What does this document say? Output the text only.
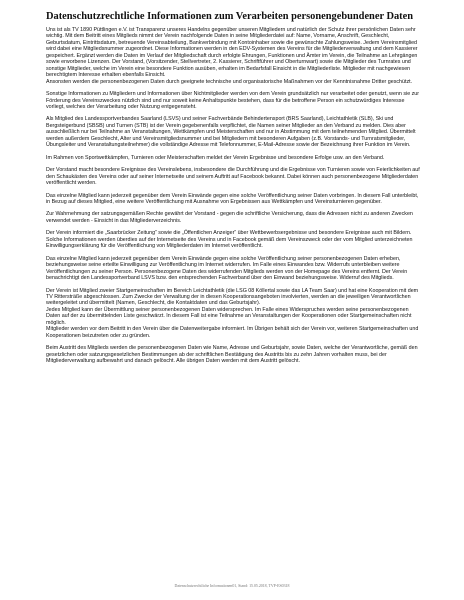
Datenschutzrechtliche Informationen zum Verarbeiten personengebundener Daten

Uns ist als TV 1890 Püttlingen e.V. ist Transparenz unseres Handelns gegenüber unseren Mitgliedern und natürlich der Schutz ihrer persönlichen Daten sehr wichtig. Mit dem Beitritt eines Mitglieds nimmt der Verein nachfolgende Daten in seine Mitgliederdatei auf: Name, Vorname, Anschrift, Geschlecht, Geburtsdatum, Eintrittsdatum, betreuende Vereinsabteilung, Bankverbindung mit Kontoinhaber sowie die gewünschte Zahlungsweise. Jedem Vereinsmitglied wird dabei eine Mitgliedsnummer zugeordnet. Diese Informationen werden in den EDV-Systemen des Vereins für die Mitgliederverwaltung und dem Kassierer gespeichert. Ergänzt werden die Daten im Verlauf der Mitgliedschaft durch erfolgte Ehrungen, Funktionen und Ämter im Verein, die Teilnahme an Lehrgängen sowie erworbene Lizenzen. Der Vorstand, (Vorsitzender, Stellvertreter, 2. Kassierer, Schriftführer und Oberturnwart) sowie die Mitglieder des Turnrates und sonstige Mitglieder, welche im Verein eine besondere Funktion ausüben, erhalten im Bedarfsfall Einsicht in die Mitgliederliste. Mitglieder mit nachgewiesen berechtigtem Interesse erhalten ebenfalls Einsicht.

Ansonsten werden die personenbezogenen Daten durch geeignete technische und organisatorische Maßnahmen vor der Kenntnisnahme Dritter geschützt.

Sonstige Informationen zu Mitgliedern und Informationen über Nichtmitglieder werden von dem Verein grundsätzlich nur verarbeitet oder genutzt, wenn sie zur Förderung des Vereinszweckes nützlich sind und nur soweit keine Anhaltspunkte bestehen, dass für die betroffene Person ein schutzwürdiges Interesse vorliegt, welches der Verarbeitung oder Nutzung entgegensteht.

Als Mitglied des Landessportverbandes Saarland (LSVS) und seiner Fachverbände Behindertensport (BRS Saarland), Leichtathletik (SLB), Ski und Bergsteigerbund (SBSB) und Turnen (STB) ist der Verein gegebenenfalls verpflichtet, die Namen seiner Mitglieder an den Verband zu melden. Dies aber ausschließlich nur bei Teilnahme an Veranstaltungen, Wettkämpfen und Meisterschaften und nur in Abstimmung mit dem teilnehmenden Mitglied. Übermittelt werden außerdem Geschlecht, Alter und Vereinsmitgliedsnummer und bei Mitgliedern mit besonderen Aufgaben (z.B. Vorstands- und Turnratsmitglieder, Übungsleiter und Veranstaltungsteilnehmer) die vollständige Adresse mit Telefonnummer, E-Mail-Adresse sowie der Bezeichnung ihrer Funktion im Verein.

Im Rahmen von Sportwettkämpfen, Turnieren oder Meisterschaften meldet der Verein Ergebnisse und besondere Erfolge usw. an den Verband.

Der Vorstand macht besondere Ereignisse des Vereinslebens, insbesondere die Durchführung und die Ergebnisse von Turnieren sowie von Feierlichkeiten auf den Schaukästen des Vereins oder auf seiner Internetseite und seinem Auftritt auf Facebook bekannt. Dabei können auch personenbezogene Mitgliederdaten veröffentlicht werden.

Das einzelne Mitglied kann jederzeit gegenüber dem Verein Einwände gegen eine solche Veröffentlichung seiner Daten vorbringen. In diesem Fall unterbleibt, in Bezug auf dieses Mitglied, eine weitere Veröffentlichung mit Ausnahme von Ergebnissen aus Wettkämpfen und Vereinsturnieren gegenüber.

Zur Wahrnehmung der satzungsgemäßen Rechte gewährt der Vorstand - gegen die schriftliche Versicherung, dass die Adressen nicht zu anderen Zwecken verwendet werden - Einsicht in das Mitgliederverzeichnis.

Der Verein informiert die „Saarbrücker Zeitung“ sowie die „Öffentlichen Anzeiger“ über Wettbewerbsergebnisse und besondere Ereignisse auch mit Bildern. Solche Informationen werden überdies auf der Internetseite des Vereins und in Facebook gemäß dem Vereinszweck oder der vom Mitglied unterzeichneten Einwilligungserklärung für die Veröffentlichung von Mitgliederdaten im Internet veröffentlicht.

Das einzelne Mitglied kann jederzeit gegenüber dem Verein Einwände gegen eine solche Veröffentlichung seiner personenbezogenen Daten erheben, beziehungsweise seine erteilte Einwilligung zur Veröffentlichung im Internet widerrufen. Im Falle eines Einwandes bzw. Widerrufs unterbleiben weitere Veröffentlichungen zu seiner Person. Personenbezogene Daten des widerrufenden Mitglieds werden von der Homepage des Vereins entfernt. Der Verein benachrichtigt den Landessportverband LSVS bzw. den entsprechenden Fachverband über den Einwand beziehungsweise. Widerruf des Mitglieds.

Der Verein ist Mitglied zweier Startgemeinschaften im Bereich Leichtathletik (die LSG 08 Köllertal sowie das LA Team Saar) und hat eine Kooperation mit dem TV Rittersträße abgeschlossen. Zum Zwecke der Verwaltung der in diesen Kooperationsangeboten involvierten, werden an die jeweiligen Verantwortlichen weitergeleitet und übermittelt (Namen, Geschlecht, die Kontaktdaten und das Geburtsjahr).

Jedes Mitglied kann der Übermittlung seiner personenbezogenen Daten widersprechen. Im Falle eines Widerspruches werden seine personenbezogenen Daten auf der zu übermittelnden Liste geschwärzt. In diesem Fall ist eine Teilnahme an Veranstaltungen der Kooperationen oder Startgemeinschaften nicht möglich.

Mitglieder werden vor dem Beitritt in den Verein über die Datenweitergabe informiert. Im Übrigen behält sich der Verein vor, weiteren Startgemeinschaften und Kooperationen beizutreten oder zu gründen.

Beim Austritt des Mitglieds werden die personenbezogenen Daten wie Name, Adresse und Geburtsjahr, sowie Daten, welche der Verantwortliche, gemäß den gesetzlichen oder satzungsgesetzlichen Bestimmungen ab der schriftlichen Bestätigung des Austritts bis zu zehn Jahren vorhalten muss, bei der Mitgliederverwaltung aufbewahrt und danach gelöscht. Alle übrigen Daten werden mit dem Austritt gelöscht.

Datenschutzrechtliche Informationen01, Stand: 15.05.2018, TVP-ES0318
